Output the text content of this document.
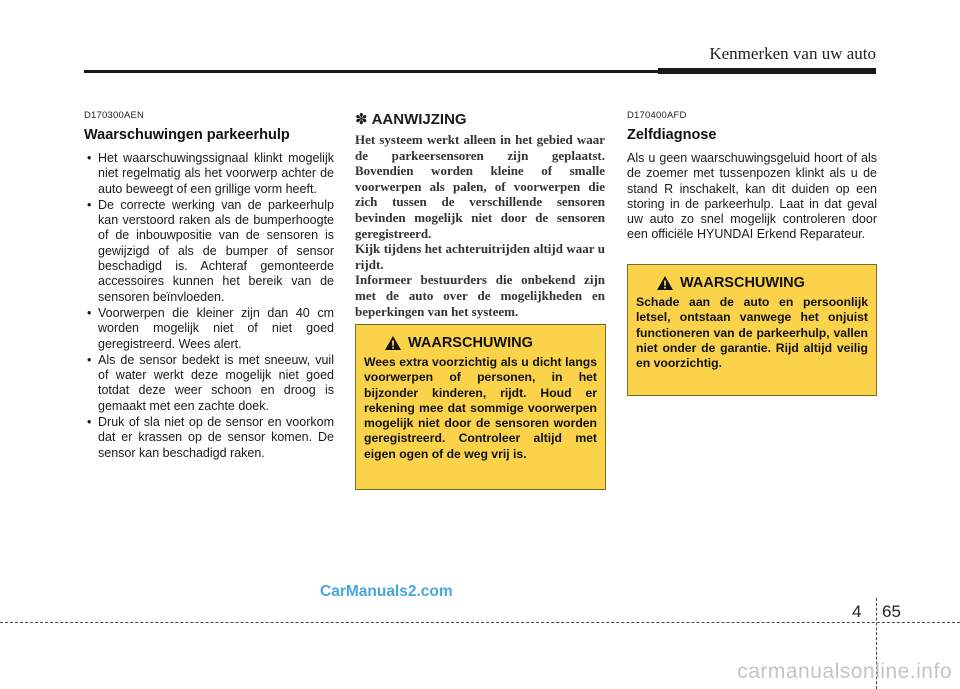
Kenmerken van uw auto
D170300AEN
Waarschuwingen parkeerhulp
• Het waarschuwingssignaal klinkt mogelijk niet regelmatig als het voorwerp achter de auto beweegt of een grillige vorm heeft.
• De correcte werking van de parkeerhulp kan verstoord raken als de bumperhoogte of de inbouwpositie van de sensoren is gewijzigd of als de bumper of sensor beschadigd is. Achteraf gemonteerde accessoires kunnen het bereik van de sensoren beïnvloeden.
• Voorwerpen die kleiner zijn dan 40 cm worden mogelijk niet of niet goed geregistreerd. Wees alert.
• Als de sensor bedekt is met sneeuw, vuil of water werkt deze mogelijk niet goed totdat deze weer schoon en droog is gemaakt met een zachte doek.
• Druk of sla niet op de sensor en voorkom dat er krassen op de sensor komen. De sensor kan beschadigd raken.
✽ AANWIJZING

Het systeem werkt alleen in het gebied waar de parkeersensoren zijn geplaatst. Bovendien worden kleine of smalle voorwerpen als palen, of voorwerpen die zich tussen de verschillende sensoren bevinden mogelijk niet door de sensoren geregistreerd.
Kijk tijdens het achteruitrijden altijd waar u rijdt.
Informeer bestuurders die onbekend zijn met de auto over de mogelijkheden en beperkingen van het systeem.

WAARSCHUWING

Wees extra voorzichtig als u dicht langs voorwerpen of personen, in het bijzonder kinderen, rijdt. Houd er rekening mee dat sommige voorwerpen mogelijk niet door de sensoren worden geregistreerd. Controleer altijd met eigen ogen of de weg vrij is.

D170400AFD
Zelfdiagnose

Als u geen waarschuwingsgeluid hoort of als de zoemer met tussenpozen klinkt als u de stand R inschakelt, kan dit duiden op een storing in de parkeerhulp. Laat in dat geval uw auto zo snel mogelijk controleren door een officiële HYUNDAI Erkend Reparateur.

WAARSCHUWING

Schade aan de auto en persoonlijk letsel, ontstaan vanwege het onjuist functioneren van de parkeerhulp, vallen niet onder de garantie. Rijd altijd veilig en voorzichtig.

CarManuals2.com
4 65
carmanualsonline.info
